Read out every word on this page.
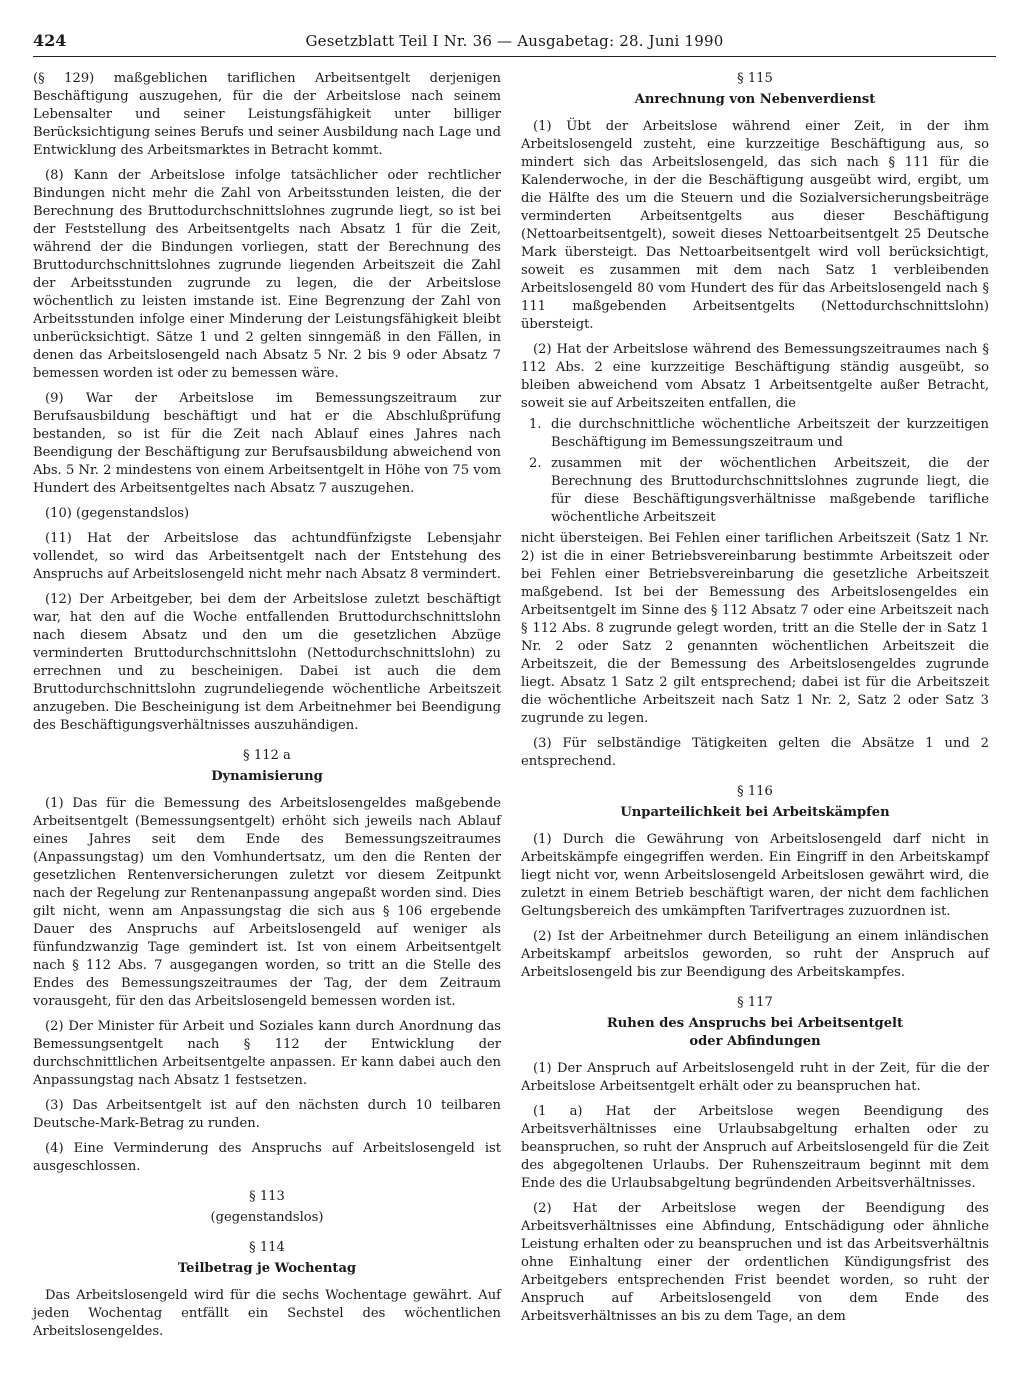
424	Gesetzblatt Teil I Nr. 36 — Ausgabetag: 28. Juni 1990

(§ 129) maßgeblichen tariflichen Arbeitsentgelt derjenigen Beschäftigung auszugehen, für die der Arbeitslose nach seinem Lebensalter und seiner Leistungsfähigkeit unter billiger Berücksichtigung seines Berufs und seiner Ausbildung nach Lage und Entwicklung des Arbeitsmarktes in Betracht kommt.

(8) Kann der Arbeitslose infolge tatsächlicher oder rechtlicher Bindungen nicht mehr die Zahl von Arbeitsstunden leisten, die der Berechnung des Bruttodurchschnittslohnes zugrunde liegt, so ist bei der Feststellung des Arbeitsentgelts nach Absatz 1 für die Zeit, während der die Bindungen vorliegen, statt der Berechnung des Bruttodurchschnittslohnes zugrunde liegenden Arbeitszeit die Zahl der Arbeitsstunden zugrunde zu legen, die der Arbeitslose wöchentlich zu leisten imstande ist. Eine Begrenzung der Zahl von Arbeitsstunden infolge einer Minderung der Leistungsfähigkeit bleibt unberücksichtigt. Sätze 1 und 2 gelten sinngemäß in den Fällen, in denen das Arbeitslosengeld nach Absatz 5 Nr. 2 bis 9 oder Absatz 7 bemessen worden ist oder zu bemessen wäre.

(9) War der Arbeitslose im Bemessungszeitraum zur Berufsausbildung beschäftigt und hat er die Abschlußprüfung bestanden, so ist für die Zeit nach Ablauf eines Jahres nach Beendigung der Beschäftigung zur Berufsausbildung abweichend von Abs. 5 Nr. 2 mindestens von einem Arbeitsentgelt in Höhe von 75 vom Hundert des Arbeitsentgeltes nach Absatz 7 auszugehen.

(10) (gegenstandslos)

(11) Hat der Arbeitslose das achtundfünfzigste Lebensjahr vollendet, so wird das Arbeitsentgelt nach der Entstehung des Anspruchs auf Arbeitslosengeld nicht mehr nach Absatz 8 vermindert.

(12) Der Arbeitgeber, bei dem der Arbeitslose zuletzt beschäftigt war, hat den auf die Woche entfallenden Bruttodurchschnittslohn nach diesem Absatz und den um die gesetzlichen Abzüge verminderten Bruttodurchschnittslohn (Nettodurchschnittslohn) zu errechnen und zu bescheinigen. Dabei ist auch die dem Bruttodurchschnittslohn zugrundeliegende wöchentliche Arbeitszeit anzugeben. Die Bescheinigung ist dem Arbeitnehmer bei Beendigung des Beschäftigungsverhältnisses auszuhändigen.

§ 112 a
Dynamisierung

(1) Das für die Bemessung des Arbeitslosengeldes maßgebende Arbeitsentgelt (Bemessungsentgelt) erhöht sich jeweils nach Ablauf eines Jahres seit dem Ende des Bemessungszeitraumes (Anpassungstag) um den Vomhundertsatz, um den die Renten der gesetzlichen Rentenversicherungen zuletzt vor diesem Zeitpunkt nach der Regelung zur Rentenanpassung angepaßt worden sind. Dies gilt nicht, wenn am Anpassungstag die sich aus § 106 ergebende Dauer des Anspruchs auf Arbeitslosengeld auf weniger als fünfundzwanzig Tage gemindert ist. Ist von einem Arbeitsentgelt nach § 112 Abs. 7 ausgegangen worden, so tritt an die Stelle des Endes des Bemessungszeitraumes der Tag, der dem Zeitraum vorausgeht, für den das Arbeitslosengeld bemessen worden ist.

(2) Der Minister für Arbeit und Soziales kann durch Anordnung das Bemessungsentgelt nach § 112 der Entwicklung der durchschnittlichen Arbeitsentgelte anpassen. Er kann dabei auch den Anpassungstag nach Absatz 1 festsetzen.

(3) Das Arbeitsentgelt ist auf den nächsten durch 10 teilbaren Deutsche-Mark-Betrag zu runden.

(4) Eine Verminderung des Anspruchs auf Arbeitslosengeld ist ausgeschlossen.

§ 113
(gegenstandslos)
§ 114
Teilbetrag je Wochentag

Das Arbeitslosengeld wird für die sechs Wochentage gewährt. Auf jeden Wochentag entfällt ein Sechstel des wöchentlichen Arbeitslosengeldes.

§ 115
Anrechnung von Nebenverdienst

(1) Übt der Arbeitslose während einer Zeit, in der ihm Arbeitslosengeld zusteht, eine kurzzeitige Beschäftigung aus, so mindert sich das Arbeitslosengeld, das sich nach § 111 für die Kalenderwoche, in der die Beschäftigung ausgeübt wird, ergibt, um die Hälfte des um die Steuern und die Sozialversicherungsbeiträge verminderten Arbeitsentgelts aus dieser Beschäftigung (Nettoarbeitsentgelt), soweit dieses Nettoarbeitsentgelt 25 Deutsche Mark übersteigt. Das Nettoarbeitsentgelt wird voll berücksichtigt, soweit es zusammen mit dem nach Satz 1 verbleibenden Arbeitslosengeld 80 vom Hundert des für das Arbeitslosengeld nach § 111 maßgebenden Arbeitsentgelts (Nettodurchschnittslohn) übersteigt.

(2) Hat der Arbeitslose während des Bemessungszeitraumes nach § 112 Abs. 2 eine kurzzeitige Beschäftigung ständig ausgeübt, so bleiben abweichend vom Absatz 1 Arbeitsentgelte außer Betracht, soweit sie auf Arbeitszeiten entfallen, die

1. die durchschnittliche wöchentliche Arbeitszeit der kurzzeitigen Beschäftigung im Bemessungszeitraum und
2. zusammen mit der wöchentlichen Arbeitszeit, die der Berechnung des Bruttodurchschnittslohnes zugrunde liegt, die für diese Beschäftigungsverhältnisse maßgebende tarifliche wöchentliche Arbeitszeit

nicht übersteigen. Bei Fehlen einer tariflichen Arbeitszeit (Satz 1 Nr. 2) ist die in einer Betriebsvereinbarung bestimmte Arbeitszeit oder bei Fehlen einer Betriebsvereinbarung die gesetzliche Arbeitszeit maßgebend. Ist bei der Bemessung des Arbeitslosengeldes ein Arbeitsentgelt im Sinne des § 112 Absatz 7 oder eine Arbeitszeit nach § 112 Abs. 8 zugrunde gelegt worden, tritt an die Stelle der in Satz 1 Nr. 2 oder Satz 2 genannten wöchentlichen Arbeitszeit die Arbeitszeit, die der Bemessung des Arbeitslosengeldes zugrunde liegt. Absatz 1 Satz 2 gilt entsprechend; dabei ist für die Arbeitszeit die wöchentliche Arbeitszeit nach Satz 1 Nr. 2, Satz 2 oder Satz 3 zugrunde zu legen.

(3) Für selbständige Tätigkeiten gelten die Absätze 1 und 2 entsprechend.

§ 116
Unparteilichkeit bei Arbeitskämpfen

(1) Durch die Gewährung von Arbeitslosengeld darf nicht in Arbeitskämpfe eingegriffen werden. Ein Eingriff in den Arbeitskampf liegt nicht vor, wenn Arbeitslosengeld Arbeitslosen gewährt wird, die zuletzt in einem Betrieb beschäftigt waren, der nicht dem fachlichen Geltungsbereich des umkämpften Tarifvertrages zuzuordnen ist.

(2) Ist der Arbeitnehmer durch Beteiligung an einem inländischen Arbeitskampf arbeitslos geworden, so ruht der Anspruch auf Arbeitslosengeld bis zur Beendigung des Arbeitskampfes.

§ 117
Ruhen des Anspruchs bei Arbeitsentgelt
oder Abfindungen

(1) Der Anspruch auf Arbeitslosengeld ruht in der Zeit, für die der Arbeitslose Arbeitsentgelt erhält oder zu beanspruchen hat.

(1 a) Hat der Arbeitslose wegen Beendigung des Arbeitsverhältnisses eine Urlaubsabgeltung erhalten oder zu beanspruchen, so ruht der Anspruch auf Arbeitslosengeld für die Zeit des abgegoltenen Urlaubs. Der Ruhenszeitraum beginnt mit dem Ende des die Urlaubsabgeltung begründenden Arbeitsverhältnisses.

(2) Hat der Arbeitslose wegen der Beendigung des Arbeitsverhältnisses eine Abfindung, Entschädigung oder ähnliche Leistung erhalten oder zu beanspruchen und ist das Arbeitsverhältnis ohne Einhaltung einer der ordentlichen Kündigungsfrist des Arbeitgebers entsprechenden Frist beendet worden, so ruht der Anspruch auf Arbeitslosengeld von dem Ende des Arbeitsverhältnisses an bis zu dem Tage, an dem
